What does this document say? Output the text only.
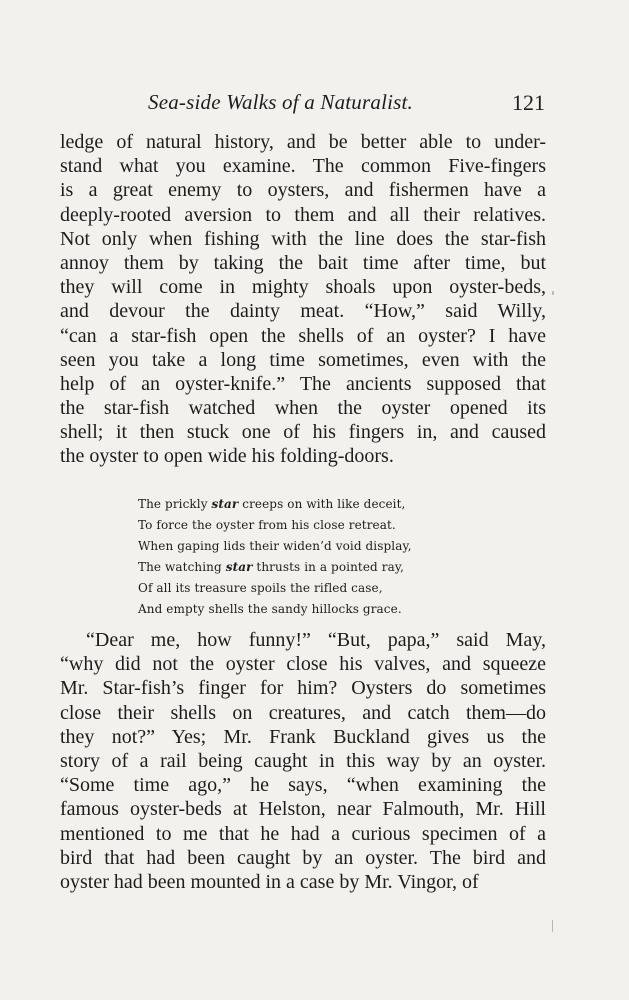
Sea-side Walks of a Naturalist.	121
ledge of natural history, and be better able to under-
stand what you examine. The common Five-fingers
is a great enemy to oysters, and fishermen have a
deeply-rooted aversion to them and all their relatives.
Not only when fishing with the line does the star-fish
annoy them by taking the bait time after time, but
they will come in mighty shoals upon oyster-beds,
and devour the dainty meat. “How,” said Willy,
“can a star-fish open the shells of an oyster? I have
seen you take a long time sometimes, even with the
help of an oyster-knife.” The ancients supposed that
the star-fish watched when the oyster opened its
shell; it then stuck one of his fingers in, and caused
the oyster to open wide his folding-doors.
The prickly star creeps on with like deceit,
To force the oyster from his close retreat.
When gaping lids their widen’d void display,
The watching star thrusts in a pointed ray,
Of all its treasure spoils the rifled case,
And empty shells the sandy hillocks grace.
“Dear me, how funny!” “But, papa,” said May,
“why did not the oyster close his valves, and squeeze
Mr. Star-fish’s finger for him? Oysters do sometimes
close their shells on creatures, and catch them—do
they not?” Yes; Mr. Frank Buckland gives us the
story of a rail being caught in this way by an oyster.
“Some time ago,” he says, “when examining the
famous oyster-beds at Helston, near Falmouth, Mr. Hill
mentioned to me that he had a curious specimen of a
bird that had been caught by an oyster. The bird and
oyster had been mounted in a case by Mr. Vingor, of
